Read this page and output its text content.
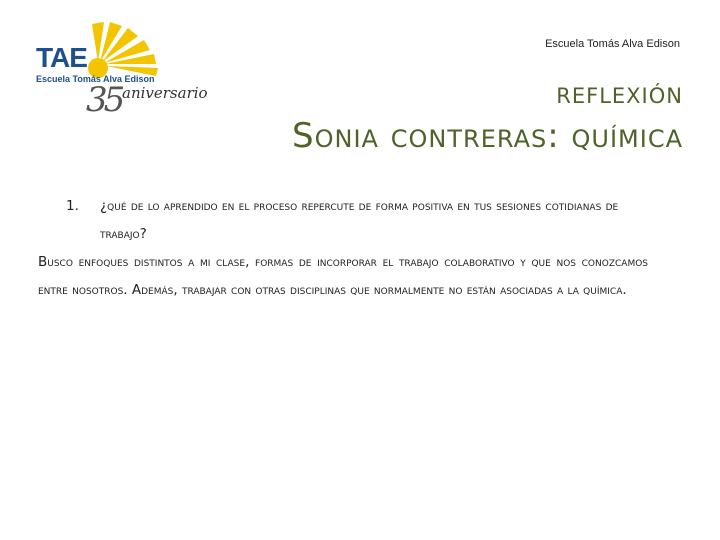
TAE
Escuela Tomás Alva Edison
35 aniversario
Escuela Tomás Alva Edison
reflexión
Sonia contreras: química
1.	¿qué de lo aprendido en el proceso repercute de forma positiva en tus sesiones cotidianas de trabajo?
Busco enfoques distintos a mi clase, formas de incorporar el trabajo colaborativo y que nos conozcamos entre nosotros. Además, trabajar con otras disciplinas que normalmente no están asociadas a la química.
